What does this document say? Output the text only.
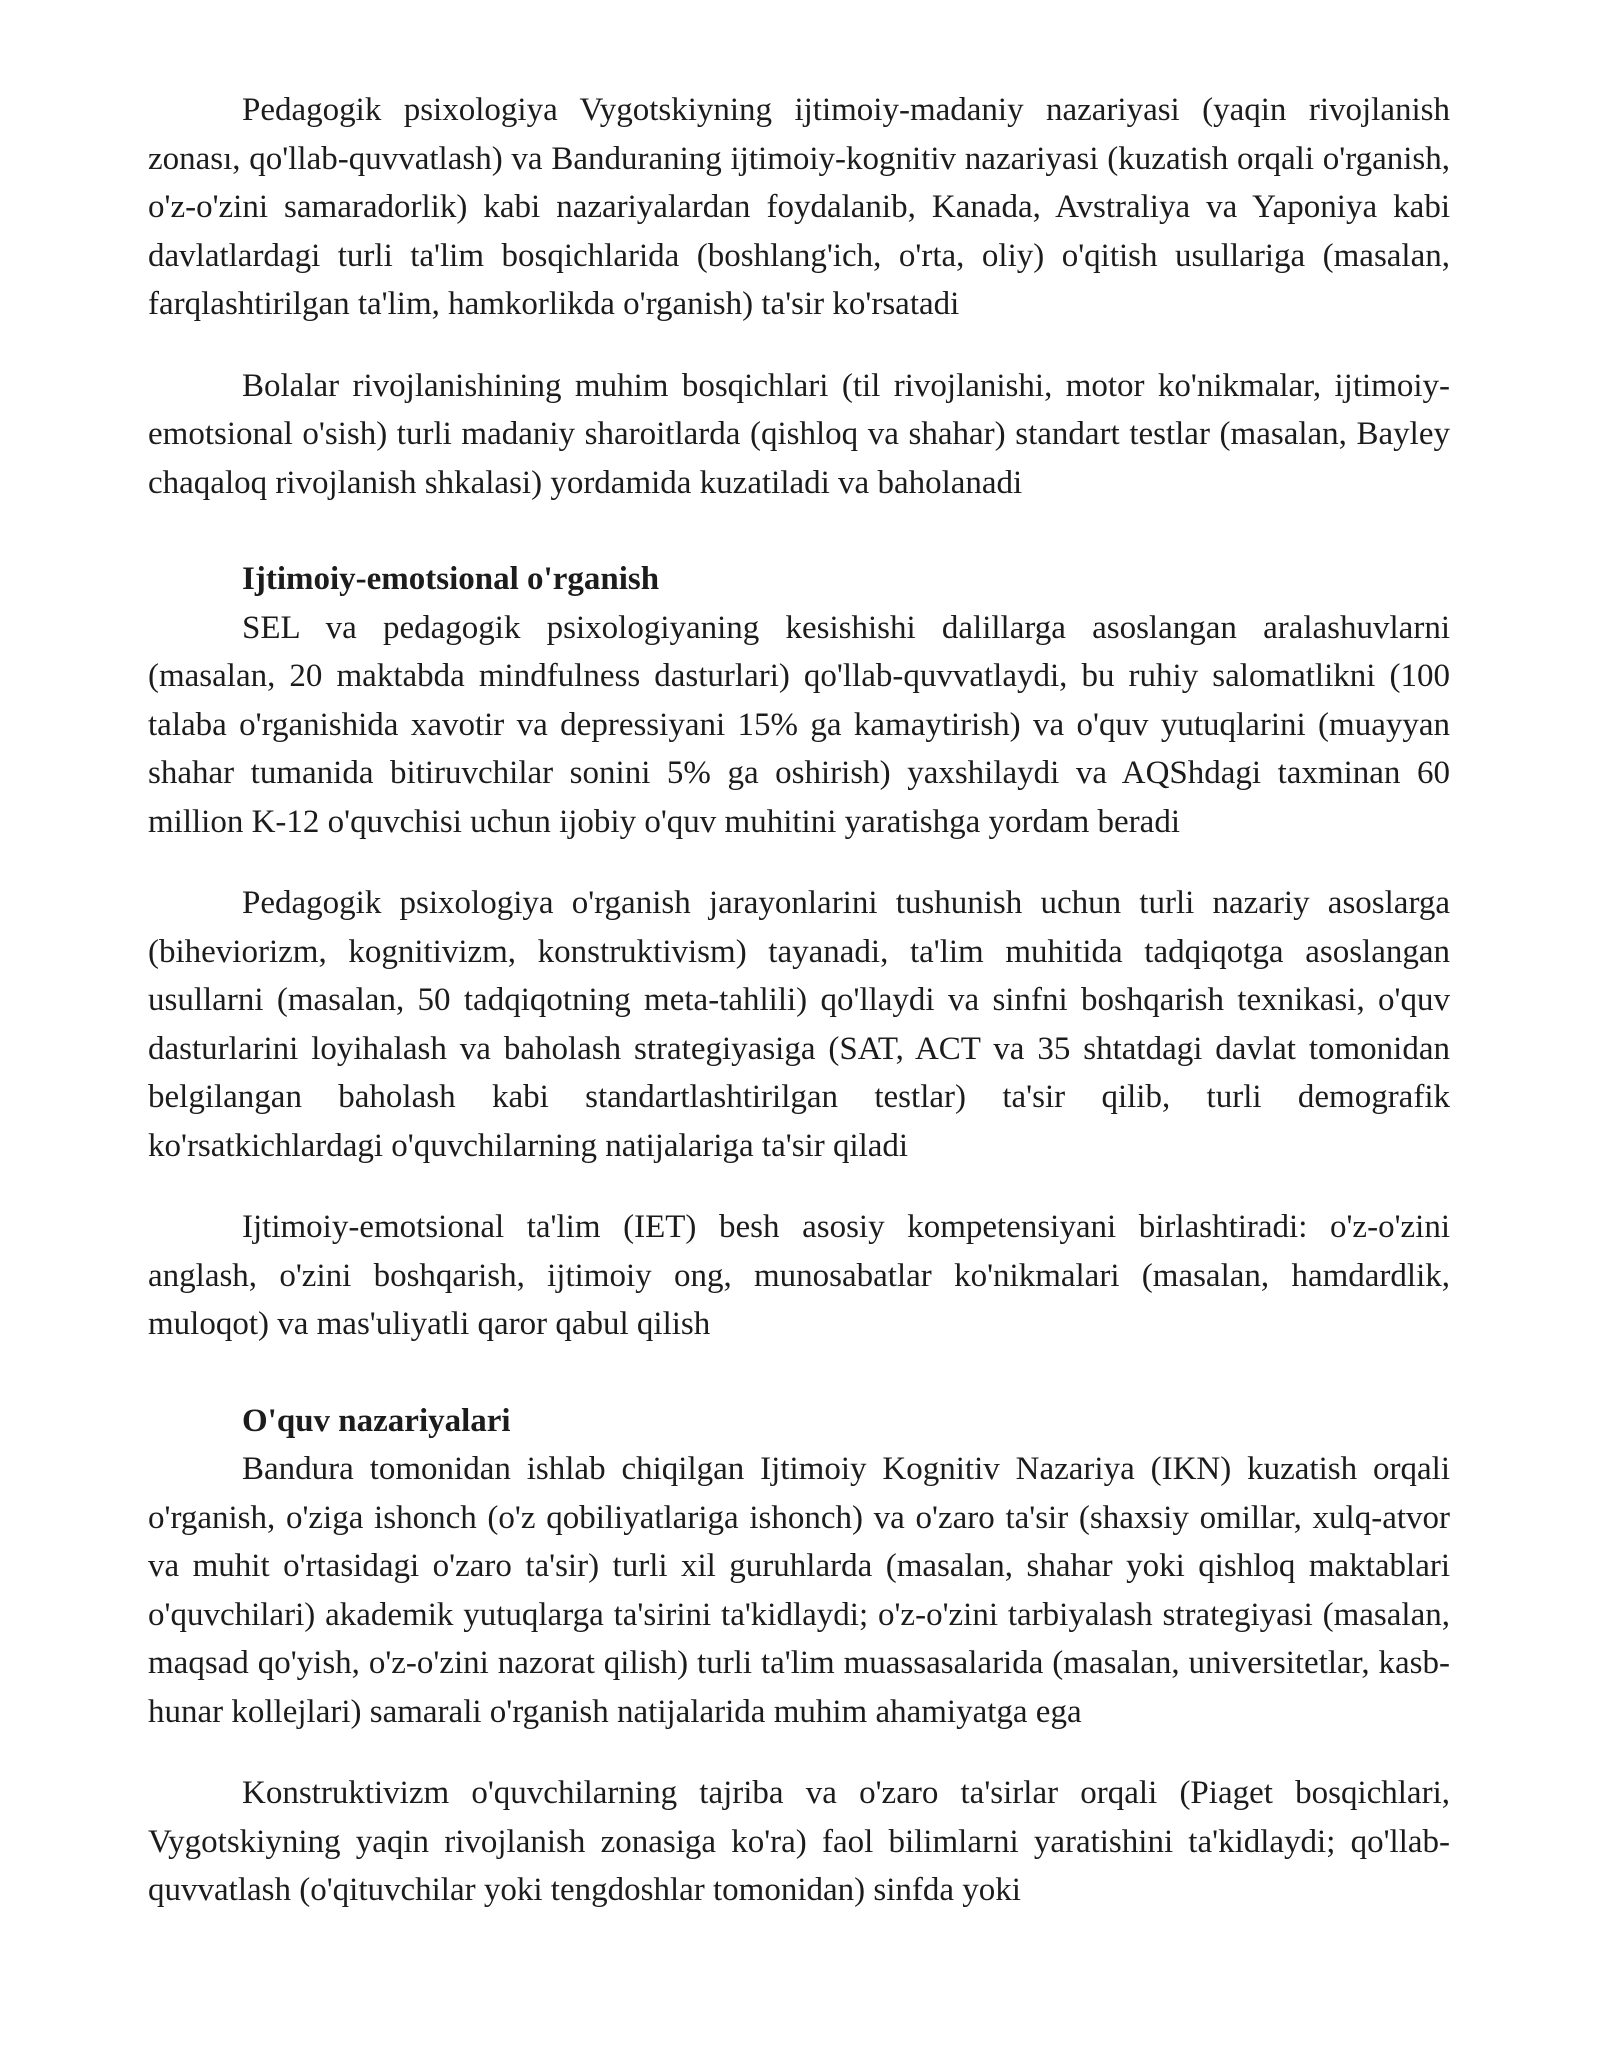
Pedagogik psixologiya Vygotskiyning ijtimoiy-madaniy nazariyasi (yaqin rivojlanish zonası, qo'llab-quvvatlash) va Banduraning ijtimoiy-kognitiv nazariyasi (kuzatish orqali o'rganish, o'z-o'zini samaradorlik) kabi nazariyalardan foydalanib, Kanada, Avstraliya va Yaponiya kabi davlatlardagi turli ta'lim bosqichlarida (boshlang'ich, o'rta, oliy) o'qitish usullariga (masalan, farqlashtirilgan ta'lim, hamkorlikda o'rganish) ta'sir ko'rsatadi

Bolalar rivojlanishining muhim bosqichlari (til rivojlanishi, motor ko'nikmalar, ijtimoiy-emotsional o'sish) turli madaniy sharoitlarda (qishloq va shahar) standart testlar (masalan, Bayley chaqaloq rivojlanish shkalasi) yordamida kuzatiladi va baholanadi

Ijtimoiy-emotsional o'rganish

SEL va pedagogik psixologiyaning kesishishi dalillarga asoslangan aralashuvlarni (masalan, 20 maktabda mindfulness dasturlari) qo'llab-quvvatlaydi, bu ruhiy salomatlikni (100 talaba o'rganishida xavotir va depressiyani 15% ga kamaytirish) va o'quv yutuqlarini (muayyan shahar tumanida bitiruvchilar sonini 5% ga oshirish) yaxshilaydi va AQShdagi taxminan 60 million K-12 o'quvchisi uchun ijobiy o'quv muhitini yaratishga yordam beradi

Pedagogik psixologiya o'rganish jarayonlarini tushunish uchun turli nazariy asoslarga (biheviorizm, kognitivizm, konstruktivism) tayanadi, ta'lim muhitida tadqiqotga asoslangan usullarni (masalan, 50 tadqiqotning meta-tahlili) qo'llaydi va sinfni boshqarish texnikasi, o'quv dasturlarini loyihalash va baholash strategiyasiga (SAT, ACT va 35 shtatdagi davlat tomonidan belgilangan baholash kabi standartlashtirilgan testlar) ta'sir qilib, turli demografik ko'rsatkichlardagi o'quvchilarning natijalariga ta'sir qiladi

Ijtimoiy-emotsional ta'lim (IET) besh asosiy kompetensiyani birlashtiradi: o'z-o'zini anglash, o'zini boshqarish, ijtimoiy ong, munosabatlar ko'nikmalari (masalan, hamdardlik, muloqot) va mas'uliyatli qaror qabul qilish

O'quv nazariyalari

Bandura tomonidan ishlab chiqilgan Ijtimoiy Kognitiv Nazariya (IKN) kuzatish orqali o'rganish, o'ziga ishonch (o'z qobiliyatlariga ishonch) va o'zaro ta'sir (shaxsiy omillar, xulq-atvor va muhit o'rtasidagi o'zaro ta'sir) turli xil guruhlarda (masalan, shahar yoki qishloq maktablari o'quvchilari) akademik yutuqlarga ta'sirini ta'kidlaydi; o'z-o'zini tarbiyalash strategiyasi (masalan, maqsad qo'yish, o'z-o'zini nazorat qilish) turli ta'lim muassasalarida (masalan, universitetlar, kasb-hunar kollejlari) samarali o'rganish natijalarida muhim ahamiyatga ega

Konstruktivizm o'quvchilarning tajriba va o'zaro ta'sirlar orqali (Piaget bosqichlari, Vygotskiyning yaqin rivojlanish zonasiga ko'ra) faol bilimlarni yaratishini ta'kidlaydi; qo'llab-quvvatlash (o'qituvchilar yoki tengdoshlar tomonidan) sinfda yoki
